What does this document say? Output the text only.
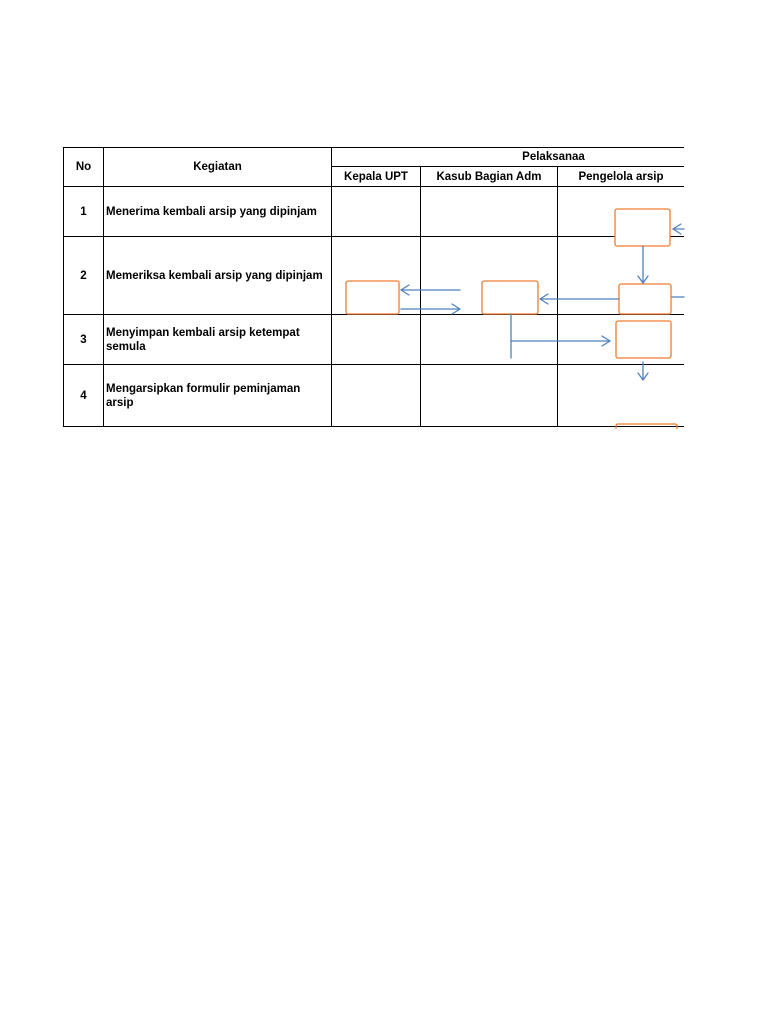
No	Kegiatan
Pelaksanaa
Kepala UPT Kasub Bagian Adm	Pengelola arsip
1 Menerima kembali arsip yang dipinjam
2 Memeriksa kembali arsip yang dipinjam
3
Menyimpan kembali arsip ketempat semula
4
Mengarsipkan formulir peminjaman arsip
